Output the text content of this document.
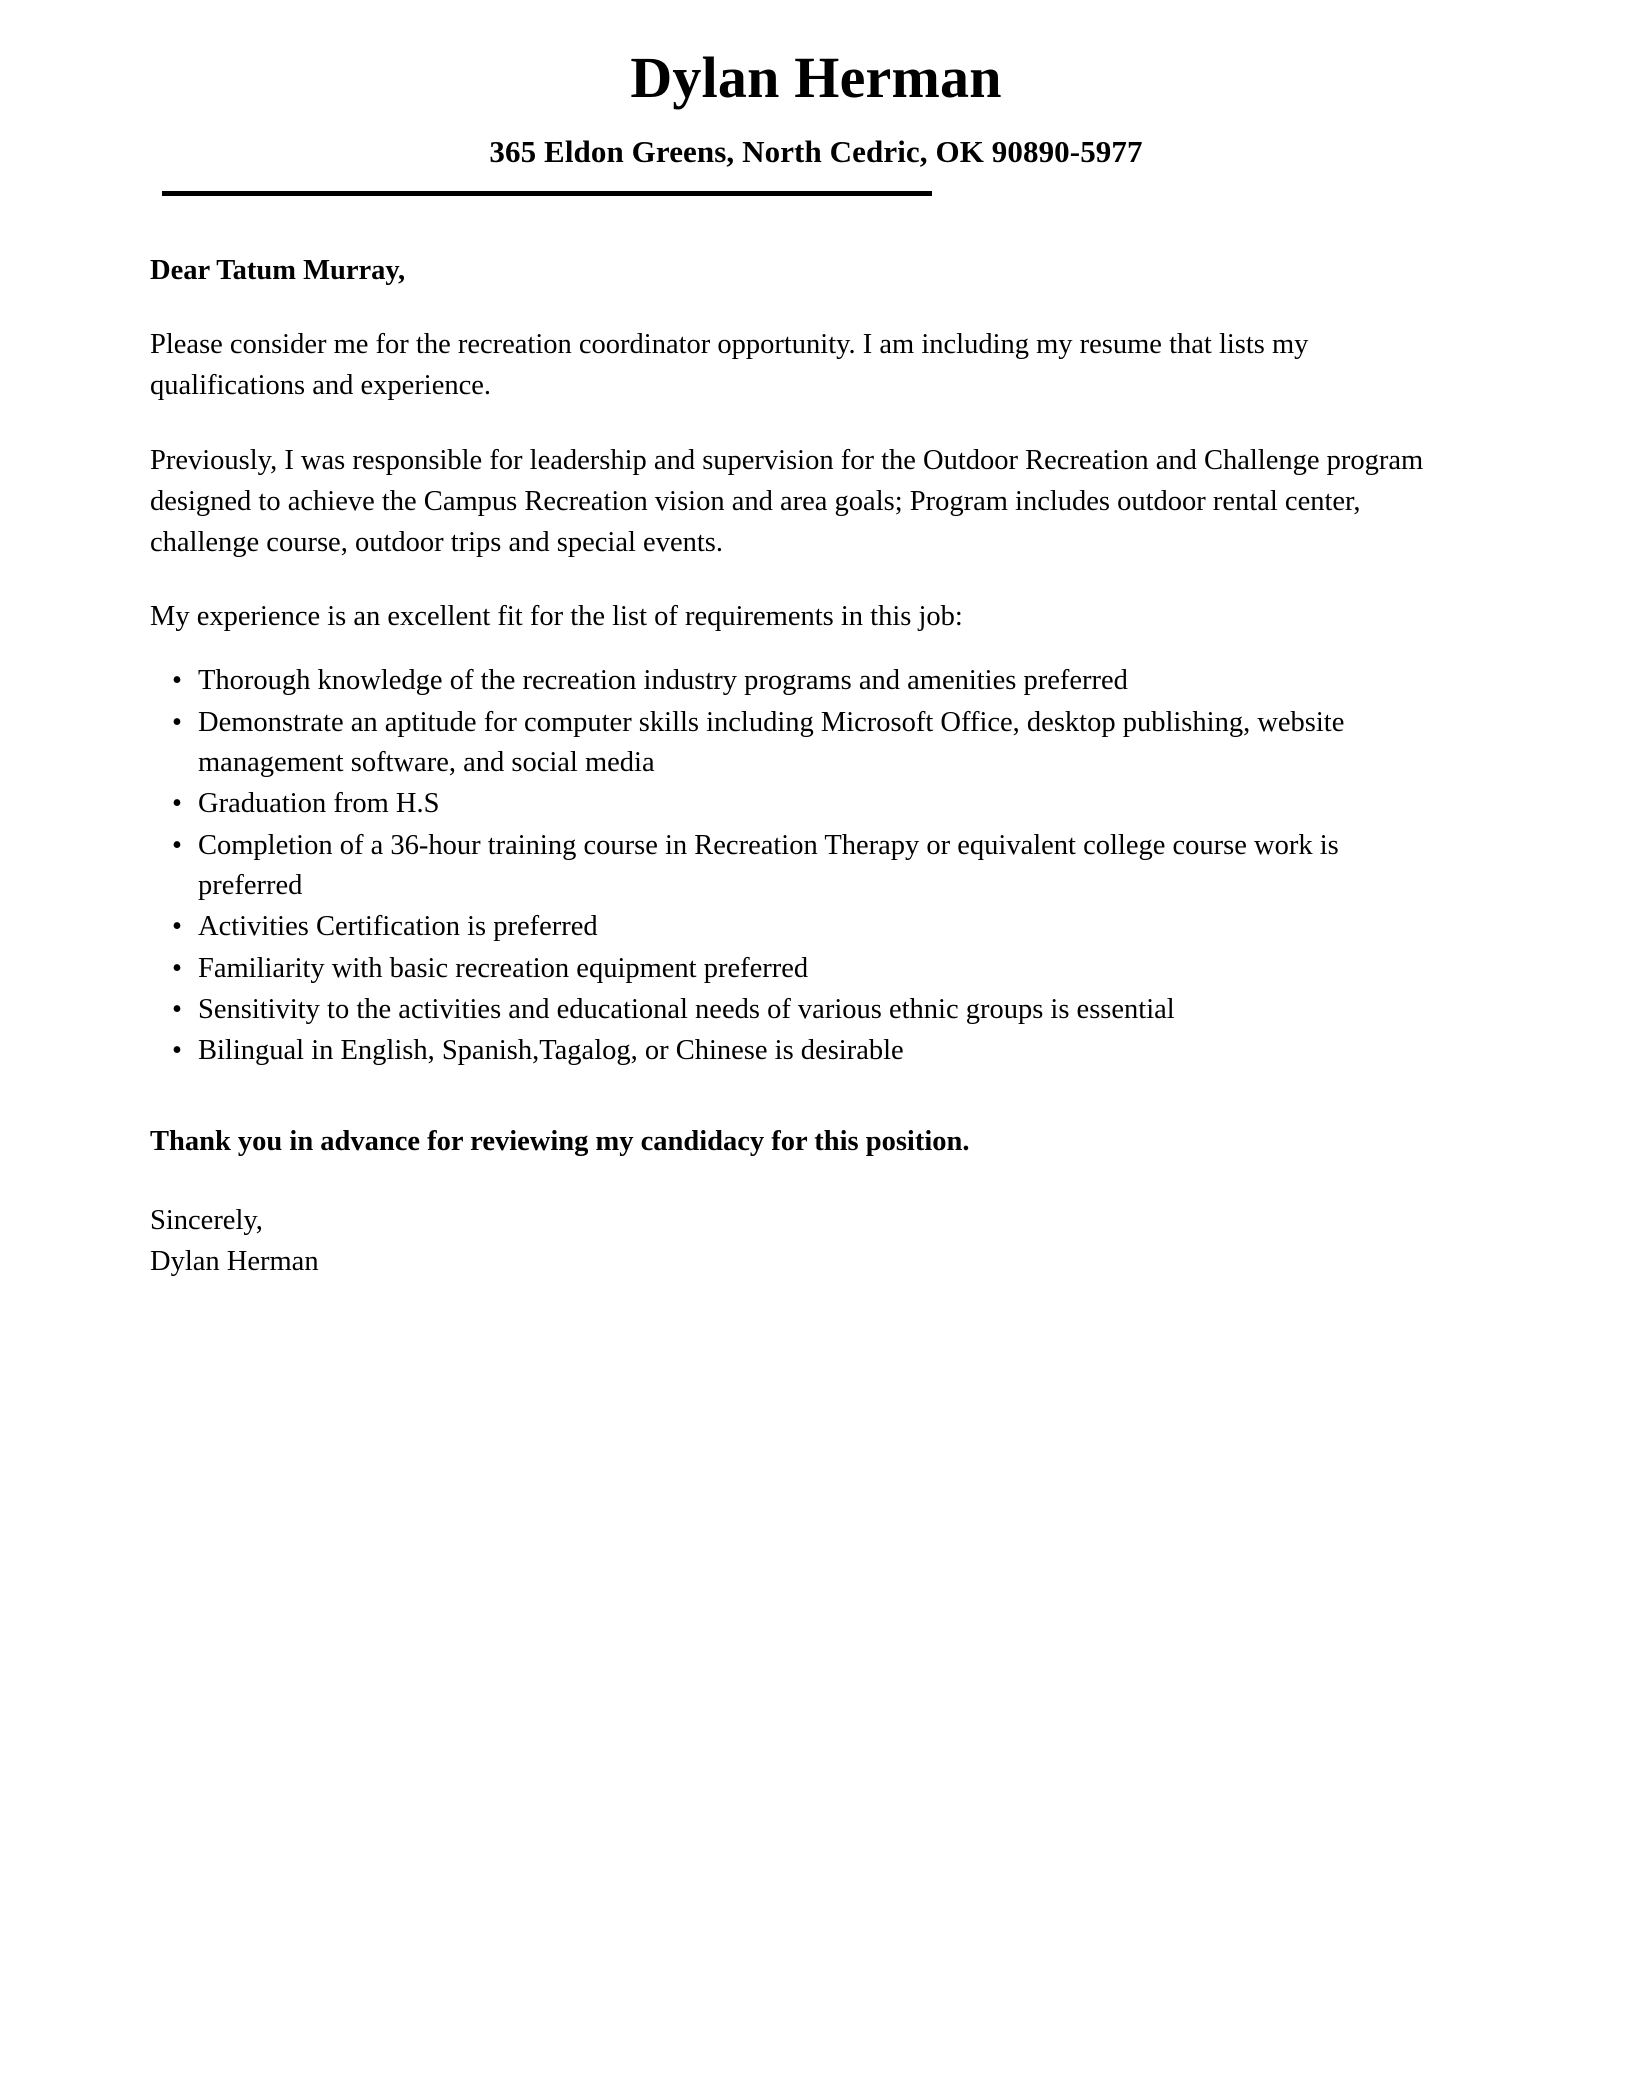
Dylan Herman
365 Eldon Greens, North Cedric, OK 90890-5977

Dear Tatum Murray,

Please consider me for the recreation coordinator opportunity. I am including my resume that lists my qualifications and experience.

Previously, I was responsible for leadership and supervision for the Outdoor Recreation and Challenge program designed to achieve the Campus Recreation vision and area goals; Program includes outdoor rental center, challenge course, outdoor trips and special events.

My experience is an excellent fit for the list of requirements in this job:

• Thorough knowledge of the recreation industry programs and amenities preferred
• Demonstrate an aptitude for computer skills including Microsoft Office, desktop publishing, website management software, and social media
• Graduation from H.S
• Completion of a 36-hour training course in Recreation Therapy or equivalent college course work is preferred
• Activities Certification is preferred
• Familiarity with basic recreation equipment preferred
• Sensitivity to the activities and educational needs of various ethnic groups is essential
• Bilingual in English, Spanish,Tagalog, or Chinese is desirable

Thank you in advance for reviewing my candidacy for this position.

Sincerely,
Dylan Herman
